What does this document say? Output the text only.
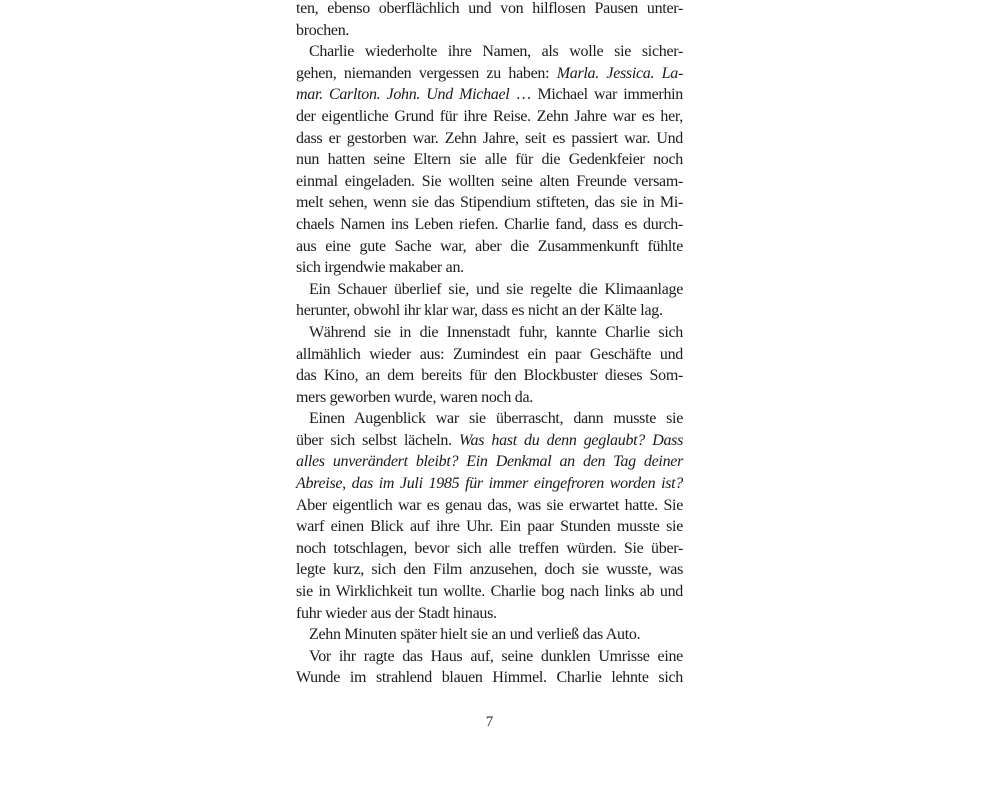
ten, ebenso oberflächlich und von hilflosen Pausen unter-
brochen.
Charlie wiederholte ihre Namen, als wolle sie sicher-
gehen, niemanden vergessen zu haben: Marla. Jessica. La-
mar. Carlton. John. Und Michael … Michael war immerhin
der eigentliche Grund für ihre Reise. Zehn Jahre war es her,
dass er gestorben war. Zehn Jahre, seit es passiert war. Und
nun hatten seine Eltern sie alle für die Gedenkfeier noch
einmal eingeladen. Sie wollten seine alten Freunde versam-
melt sehen, wenn sie das Stipendium stifteten, das sie in Mi-
chaels Namen ins Leben riefen. Charlie fand, dass es durch-
aus eine gute Sache war, aber die Zusammenkunft fühlte
sich irgendwie makaber an.
Ein Schauer überlief sie, und sie regelte die Klimaanlage
herunter, obwohl ihr klar war, dass es nicht an der Kälte lag.
Während sie in die Innenstadt fuhr, kannte Charlie sich
allmählich wieder aus: Zumindest ein paar Geschäfte und
das Kino, an dem bereits für den Blockbuster dieses Som-
mers geworben wurde, waren noch da.
Einen Augenblick war sie überrascht, dann musste sie
über sich selbst lächeln. Was hast du denn geglaubt? Dass
alles unverändert bleibt? Ein Denkmal an den Tag deiner
Abreise, das im Juli 1985 für immer eingefroren worden ist?
Aber eigentlich war es genau das, was sie erwartet hatte. Sie
warf einen Blick auf ihre Uhr. Ein paar Stunden musste sie
noch totschlagen, bevor sich alle treffen würden. Sie über-
legte kurz, sich den Film anzusehen, doch sie wusste, was
sie in Wirklichkeit tun wollte. Charlie bog nach links ab und
fuhr wieder aus der Stadt hinaus.
Zehn Minuten später hielt sie an und verließ das Auto.
Vor ihr ragte das Haus auf, seine dunklen Umrisse eine
Wunde im strahlend blauen Himmel. Charlie lehnte sich
7
